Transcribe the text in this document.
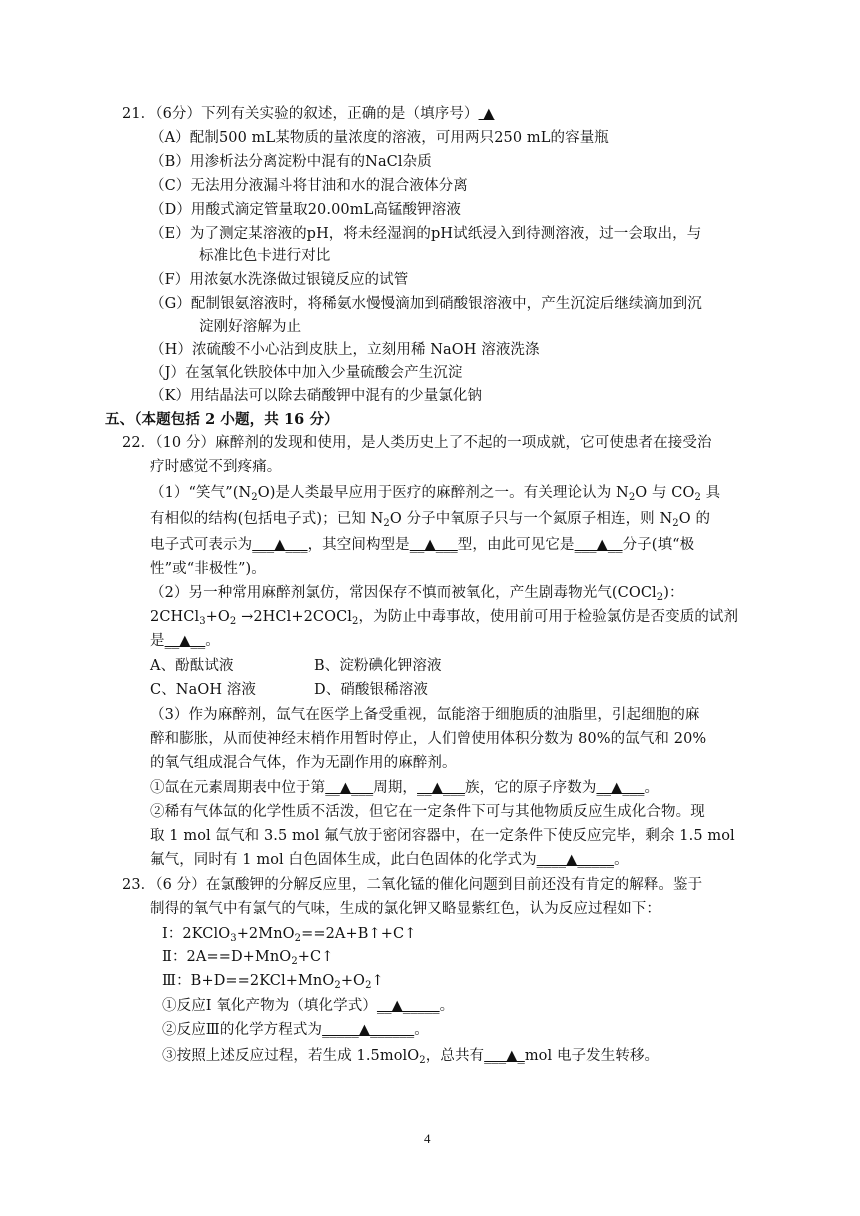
21．（6分）下列有关实验的叙述，正确的是（填序号） ▲
（A）配制500 mL某物质的量浓度的溶液，可用两只250 mL的容量瓶
（B）用渗析法分离淀粉中混有的NaCl杂质
（C）无法用分液漏斗将甘油和水的混合液体分离
（D）用酸式滴定管量取20.00mL高锰酸钾溶液
（E）为了测定某溶液的pH，将未经湿润的pH试纸浸入到待测溶液，过一会取出，与
标准比色卡进行对比
（F）用浓氨水洗涤做过银镜反应的试管
（G）配制银氨溶液时，将稀氨水慢慢滴加到硝酸银溶液中，产生沉淀后继续滴加到沉
淀刚好溶解为止
（H）浓硫酸不小心沾到皮肤上，立刻用稀 NaOH 溶液洗涤
（J）在氢氧化铁胶体中加入少量硫酸会产生沉淀
（K）用结晶法可以除去硝酸钾中混有的少量氯化钠
五、（本题包括 2 小题，共 16 分）
22．（10 分）麻醉剂的发现和使用，是人类历史上了不起的一项成就，它可使患者在接受治
疗时感觉不到疼痛。
（1）“笑气$”(N_2O)$是人类最早应用于医疗的麻醉剂之一。有关理论认为 $N_2O$ 与 $CO_2$ 具
有相似的结构(包括电子式)；已知 $N_2O$ 分子中氧原子只与一个氮原子相连，则 $N_2O$ 的
电子式可表示为___▲___，其空间构型是__▲___型，由此可见它是___▲__分子(填“极
性”或“非极性”)。
（2）另一种常用麻醉剂氯仿，常因保存不慎而被氧化，产生剧毒物光气(COCl$_2$)：
$2CHCl_3+O_2$ →2HCl+2COCl$_2$，为防止中毒事故，使用前可用于检验氯仿是否变质的试剂
是__▲__。
A、酚酞试液	B、淀粉碘化钾溶液
C、NaOH 溶液	D、硝酸银稀溶液
（3）作为麻醉剂，氙气在医学上备受重视，氙能溶于细胞质的油脂里，引起细胞的麻
醉和膨胀，从而使神经末梢作用暂时停止，人们曾使用体积分数为 80%的氙气和 20%
的氧气组成混合气体，作为无副作用的麻醉剂。
①氙在元素周期表中位于第__▲___周期，__▲___族，它的原子序数为__▲___。
②稀有气体氙的化学性质不活泼，但它在一定条件下可与其他物质反应生成化合物。现
取 1 mol 氙气和 3.5 mol 氟气放于密闭容器中，在一定条件下使反应完毕，剩余 1.5 mol
氟气，同时有 1 mol 白色固体生成，此白色固体的化学式为____▲_____。
23．（6 分）在氯酸钾的分解反应里，二氧化锰的催化问题到目前还没有肯定的解释。鉴于
制得的氧气中有氯气的气味，生成的氯化钾又略显紫红色，认为反应过程如下：
Ⅰ：2KClO$_3$+2MnO$_2$==2A+B↑+C↑
Ⅱ：2A==D+MnO$_2$+C↑
Ⅲ：$B+D==2KCl+MnO_2+O_2↑$
①反应Ⅰ 氧化产物为（填化学式）__▲_____。
②反应Ⅲ的化学方程式为_____▲______。
③按照上述反应过程，若生成 1.5molO$_2$，总共有___▲_mol 电子发生转移。
4
